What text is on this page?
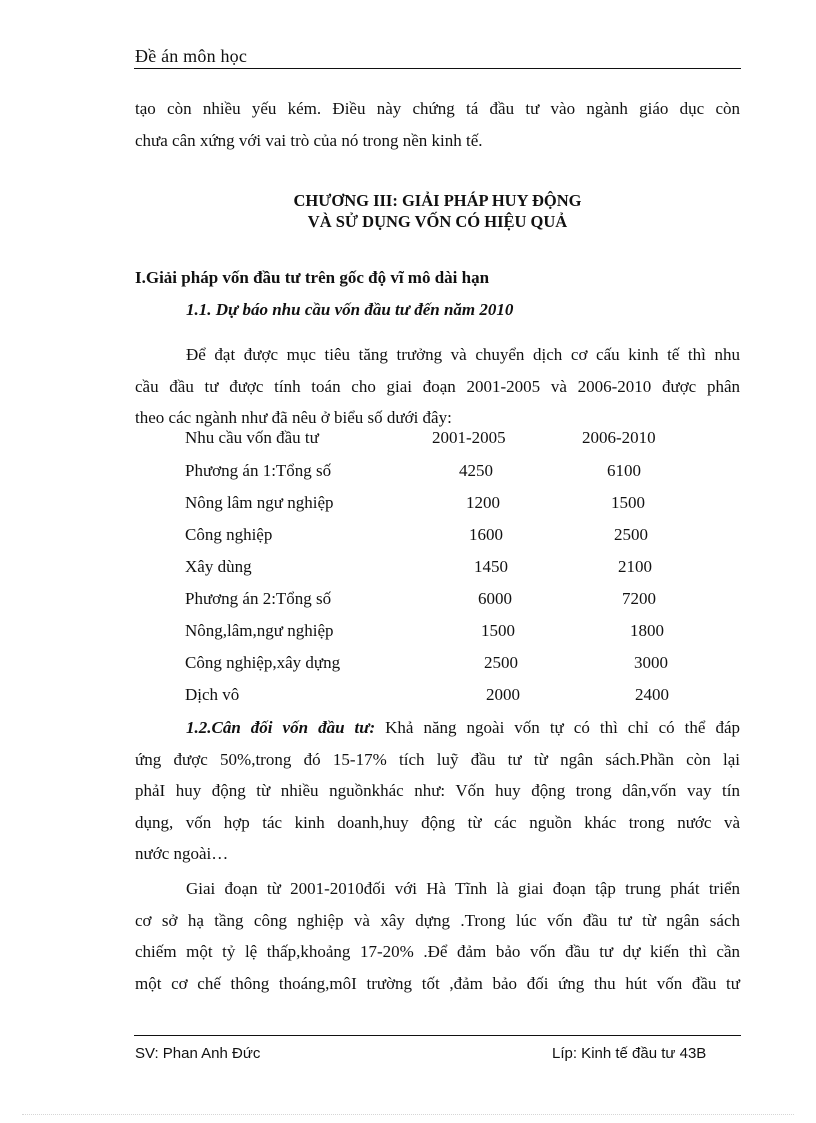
Đề án môn học
tạo còn nhiều yếu kém. Điều này chứng tá đầu tư vào ngành giáo dục còn
chưa cân xứng với vai trò của nó trong nền kinh tế.
CHƯƠNG III: GIẢI PHÁP HUY ĐỘNG
VÀ SỬ DỤNG VỐN CÓ HIỆU QUẢ
I.Giải pháp vốn đầu tư trên gốc độ vĩ mô dài hạn
1.1. Dự báo nhu cầu vốn đầu tư đến năm 2010
Để đạt được mục tiêu tăng trưởng và chuyển dịch cơ cấu kinh tế thì nhu
cầu đầu tư được tính toán cho giai đoạn 2001-2005 và 2006-2010 được phân
theo các ngành như đã nêu ở biểu số dưới đây:
Nhu cầu vốn đầu tư	2001-2005	2006-2010
Phương án 1:Tổng số	4250	6100
Nông lâm ngư nghiệp	1200	1500
Công nghiệp	1600	2500
Xây dùng	1450	2100
Phương án 2:Tổng số	6000	7200
Nông,lâm,ngư nghiệp	1500	1800
Công nghiệp,xây dựng	2500	3000
Dịch vô	2000	2400
1.2.Cân đối vốn đầu tư: Khả năng ngoài vốn tự có thì chỉ có thể đáp
ứng được 50%,trong đó 15-17% tích luỹ đầu tư từ ngân sách.Phần còn lại
phảI huy động từ nhiều nguồnkhác như: Vốn huy động trong dân,vốn vay tín
dụng, vốn hợp tác kinh doanh,huy động từ các nguồn khác trong nước và
nước ngoài…
Giai đoạn từ 2001-2010đối với Hà Tĩnh là giai đoạn tập trung phát triển
cơ sở hạ tầng công nghiệp và xây dựng .Trong lúc vốn đầu tư từ ngân sách
chiếm một tỷ lệ thấp,khoảng 17-20% .Để đảm bảo vốn đầu tư dự kiến thì cần
một cơ chế thông thoáng,môI trường tốt ,đảm bảo đối ứng thu hút vốn đầu tư
SV: Phan Anh Đức	Líp: Kinh tế đầu tư 43B
